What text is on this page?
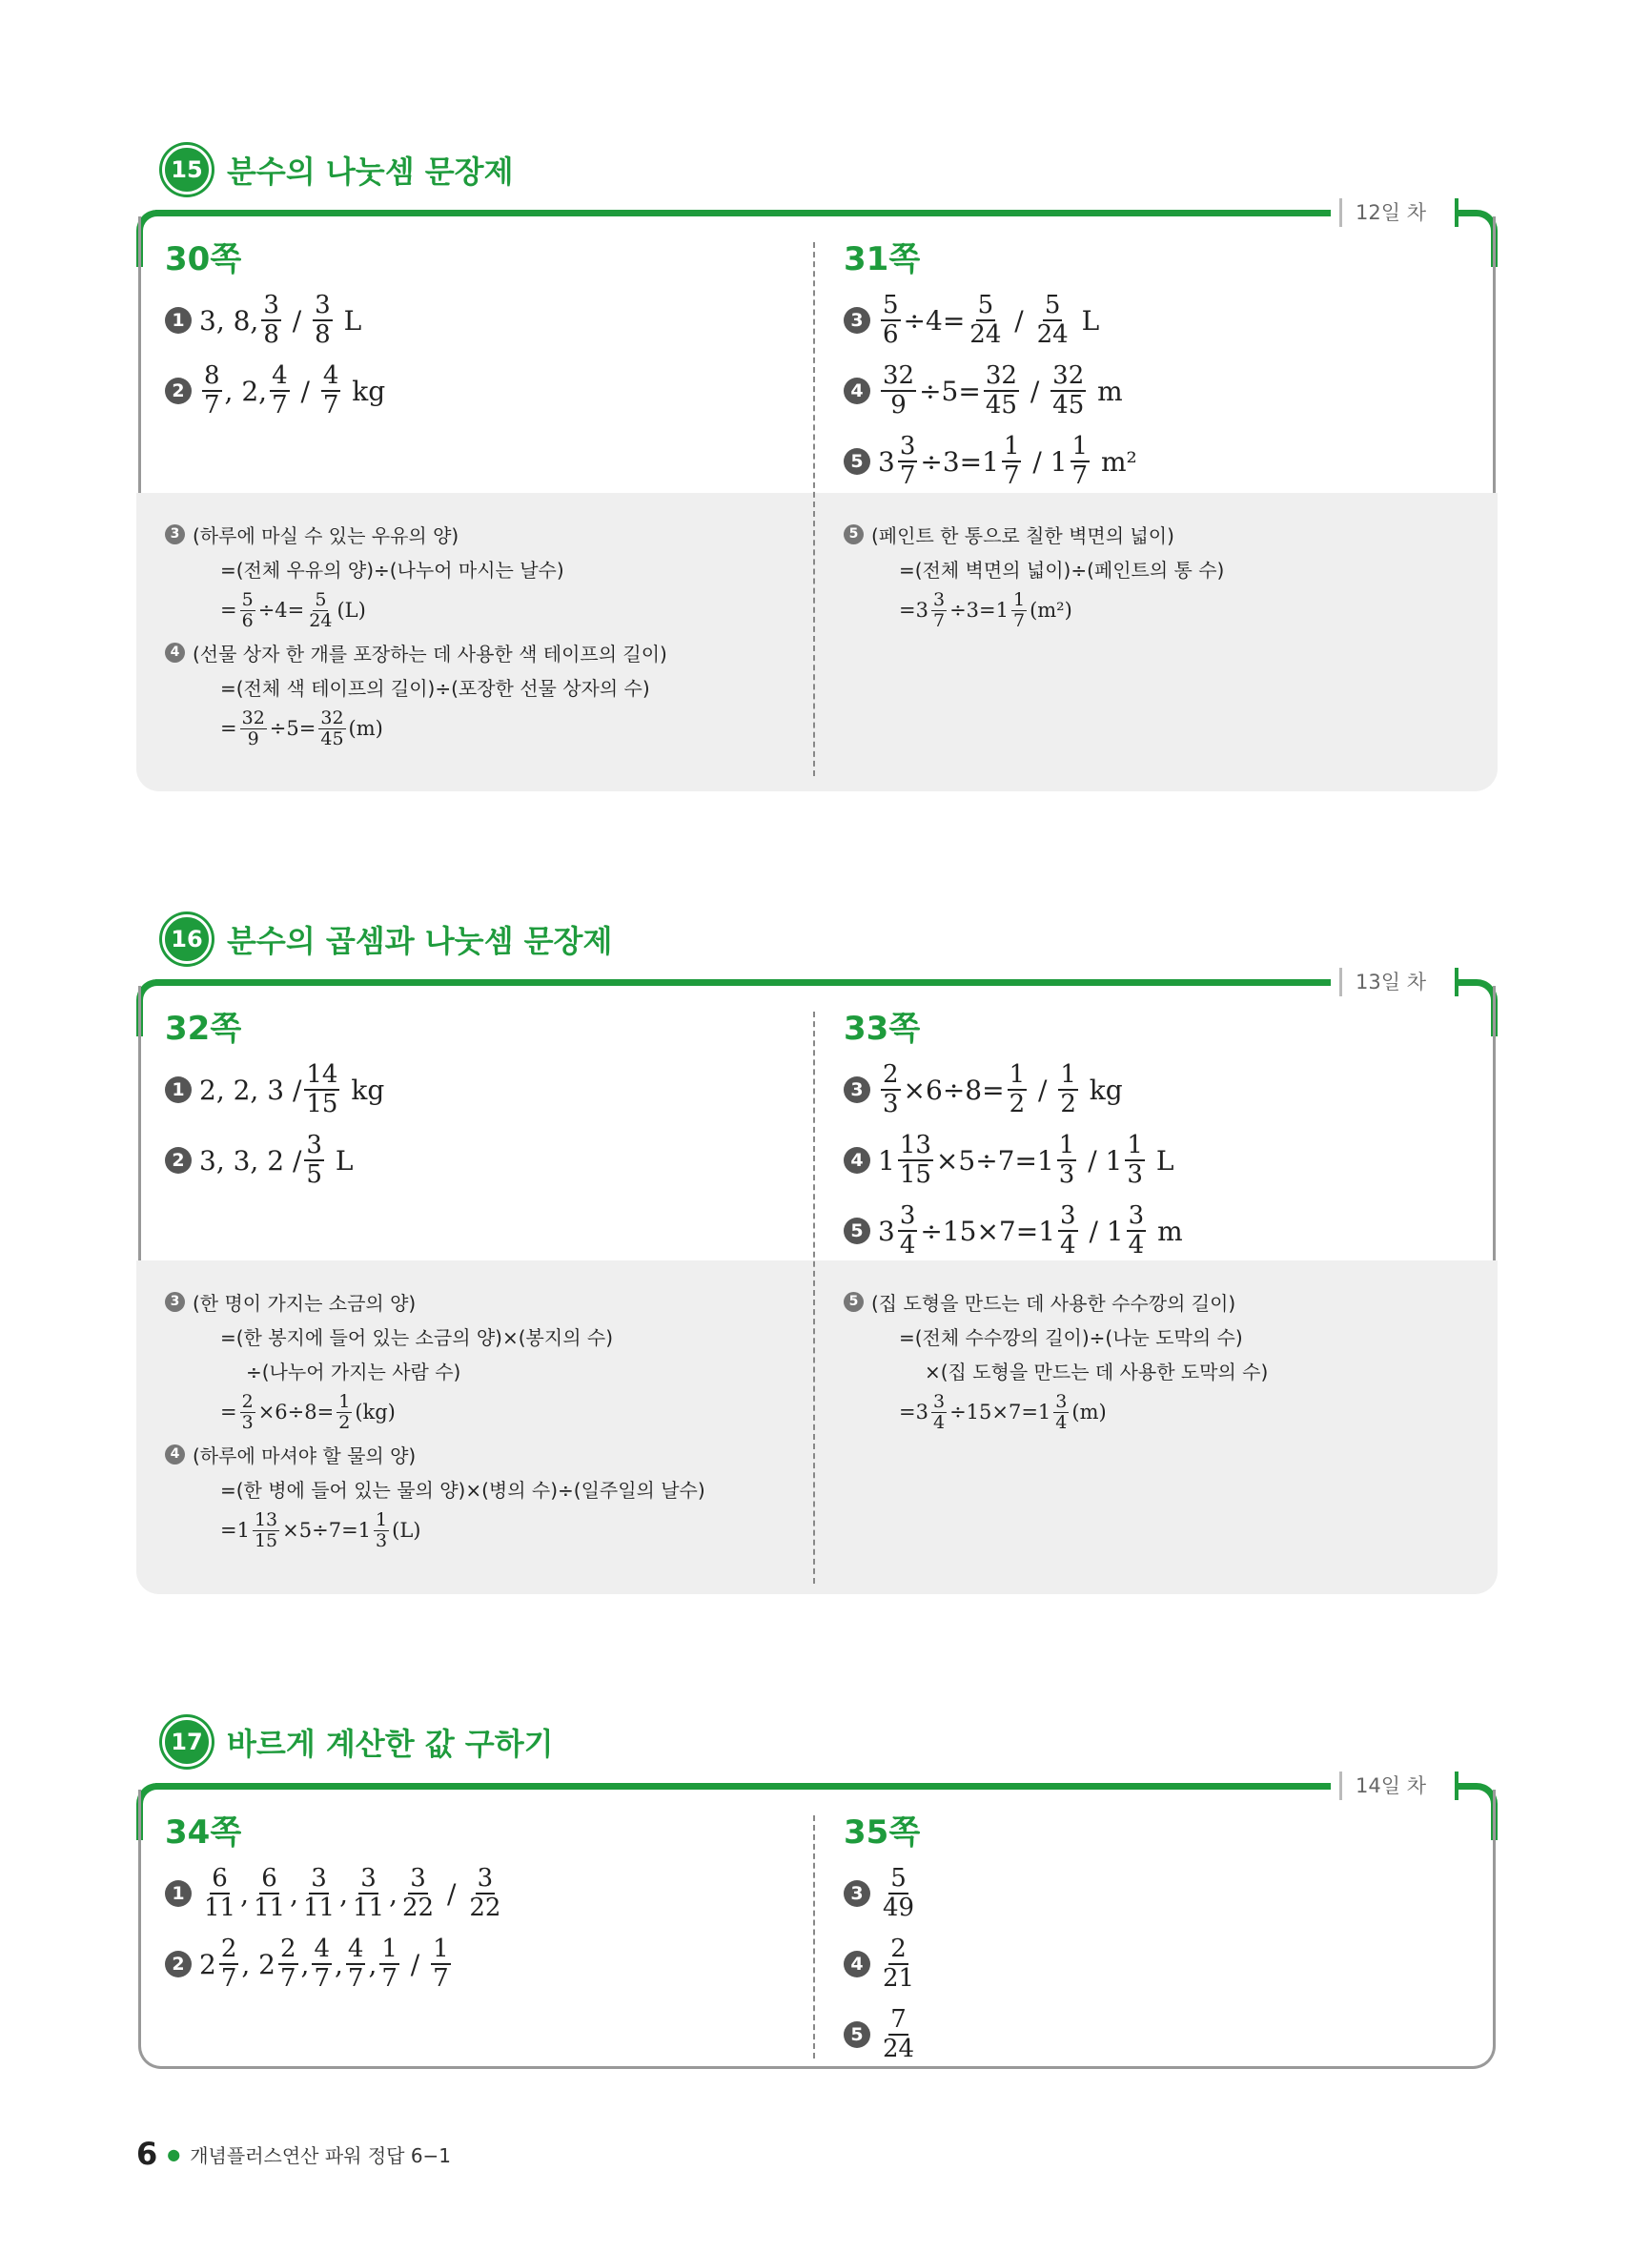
15 분수의 나눗셈 문장제
12일 차
30쪽
1 3, 8, $\frac{3}{8} / \frac{3}{8}$
L
$2 \frac{8}{7}$ , 2, $\frac{4}{7} / \frac{4}{7}$
kg
31쪽
$3 \frac{5}{6} \div 4= \frac{5}{24} / \frac{5}{24}$
L
$4 \frac{32}{9} \div 5= \frac{32}{45} / \frac{32}{45}$
m
5 $3 \frac{3}{7} \div 3=1 \frac{1}{7} / 1 \frac{1}{7}$
m²
3 (하루에 마실 수 있는 우유의 양)
=(전체 우유의 양)÷(나누어 마시는 날수)
= $\frac{5}{6} \div 4= \frac{5}{24} (L)$
4 (선물 상자 한 개를 포장하는 데 사용한 색 테이프의 길이)
=(전체 색 테이프의 길이)÷(포장한 선물 상자의 수)
= $\frac{32}{9} \div 5= \frac{32}{45} (m)$
5 (페인트 한 통으로 칠한 벽면의 넓이)
=(전체 벽면의 넓이)÷(페인트의 통 수)
$=3 \frac{3}{7} \div 3=1 \frac{1}{7} (m^2)$
16 분수의 곱셈과 나눗셈 문장제
13일 차
32쪽
1 2, 2, $3 / \frac{14}{15}$
kg
2 3, 3, $2 / \frac{3}{5}$
L
33쪽
$3 \frac{2}{3} \times 6\div 8= \frac{1}{2} / \frac{1}{2}$
kg
4 $1 \frac{13}{15} \times 5\div 7=1 \frac{1}{3} / 1 \frac{1}{3}$
L
5 $3 \frac{3}{4} \div 15\times 7=1 \frac{3}{4} / 1 \frac{3}{4}$
m
3 (한 명이 가지는 소금의 양)
=(한 봉지에 들어 있는 소금의 양)×(봉지의 수)
÷(나누어 가지는 사람 수)
= $\frac{2}{3} \times 6\div 8= \frac{1}{2} (kg)$
4 (하루에 마셔야 할 물의 양)
=(한 병에 들어 있는 물의 양)×(병의 수)÷(일주일의 날수)
$=1 \frac{13}{15} \times 5\div 7=1 \frac{1}{3} (L)$
5 (집 도형을 만드는 데 사용한 수수깡의 길이)
=(전체 수수깡의 길이)÷(나눈 도막의 수)
×(집 도형을 만드는 데 사용한 도막의 수)
$=3 \frac{3}{4} \div 15\times 7=1 \frac{3}{4} (m)$
17 바르게 계산한 값 구하기
14일 차
34쪽
$1 \frac{6}{11}$ , $\frac{6}{11}$ , $\frac{3}{11}$ , $\frac{3}{11}$ , $\frac{3}{22} / \frac{3}{22}$
2 $2 \frac{2}{7}$ , $2 \frac{2}{7}$ , $\frac{4}{7}$ , $\frac{4}{7}$ , $\frac{1}{7} / \frac{1}{7}$
35쪽
$3 \frac{5}{49}$
$4 \frac{2}{21}$
$5 \frac{7}{24}$
6 ● 개념플러스연산 파워 정답 6−1
